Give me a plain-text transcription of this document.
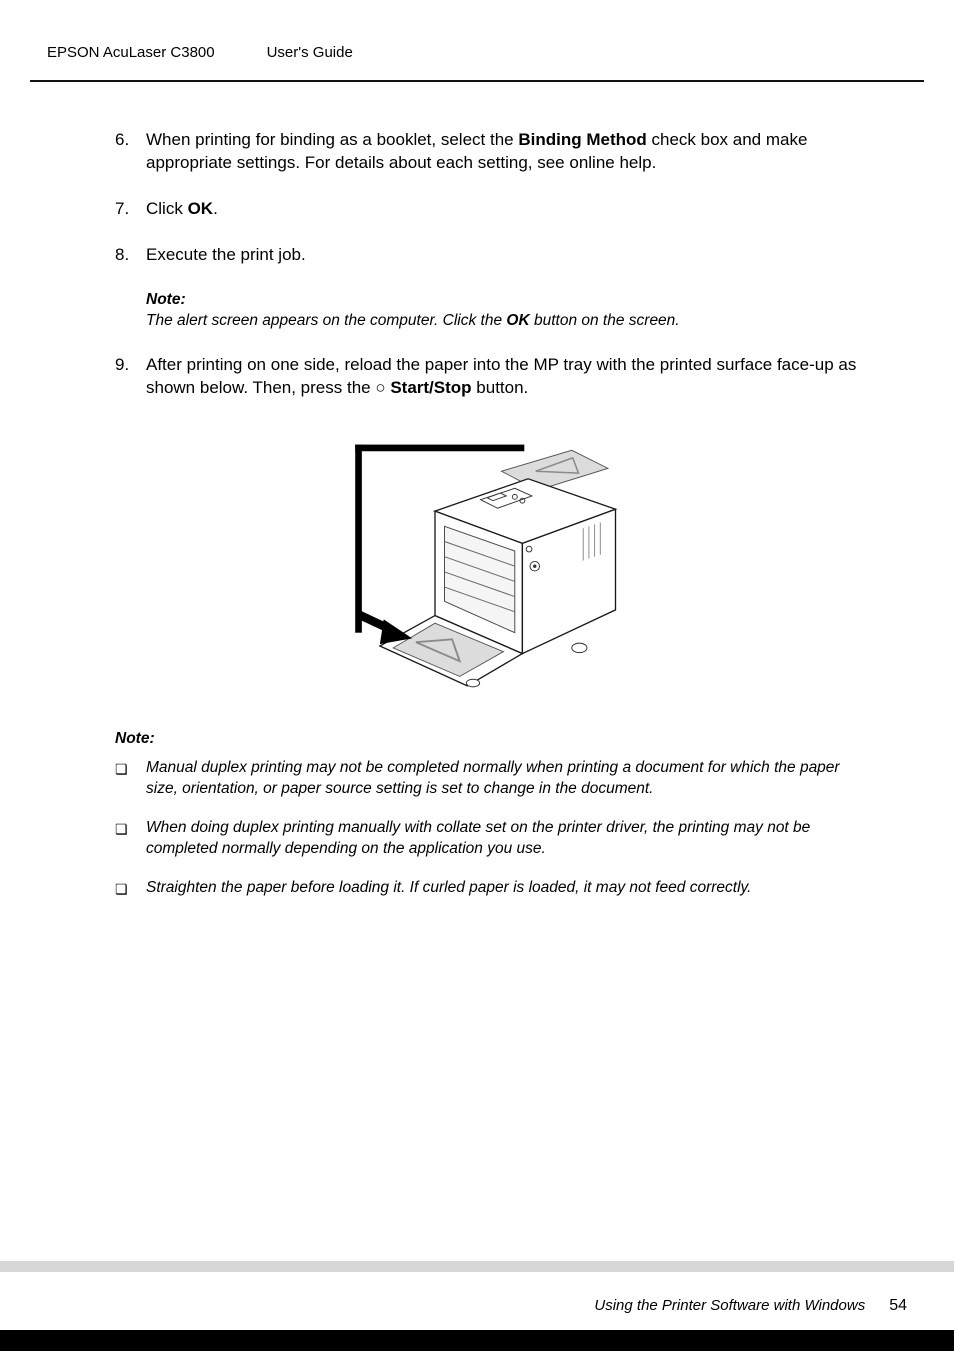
EPSON AcuLaser C3800	User's Guide
6. When printing for binding as a booklet, select the Binding Method check box and make appropriate settings. For details about each setting, see online help.

7. Click OK.

8. Execute the print job.

Note:

The alert screen appears on the computer. Click the OK button on the screen.

9. After printing on one side, reload the paper into the MP tray with the printed surface face-up as shown below. Then, press the ○ Start/Stop button.

Note:

❏	Manual duplex printing may not be completed normally when printing a document for which the paper size, orientation, or paper source setting is set to change in the document.

❏	When doing duplex printing manually with collate set on the printer driver, the printing may not be completed normally depending on the application you use.

❏	Straighten the paper before loading it. If curled paper is loaded, it may not feed correctly.

Using the Printer Software with Windows 54
